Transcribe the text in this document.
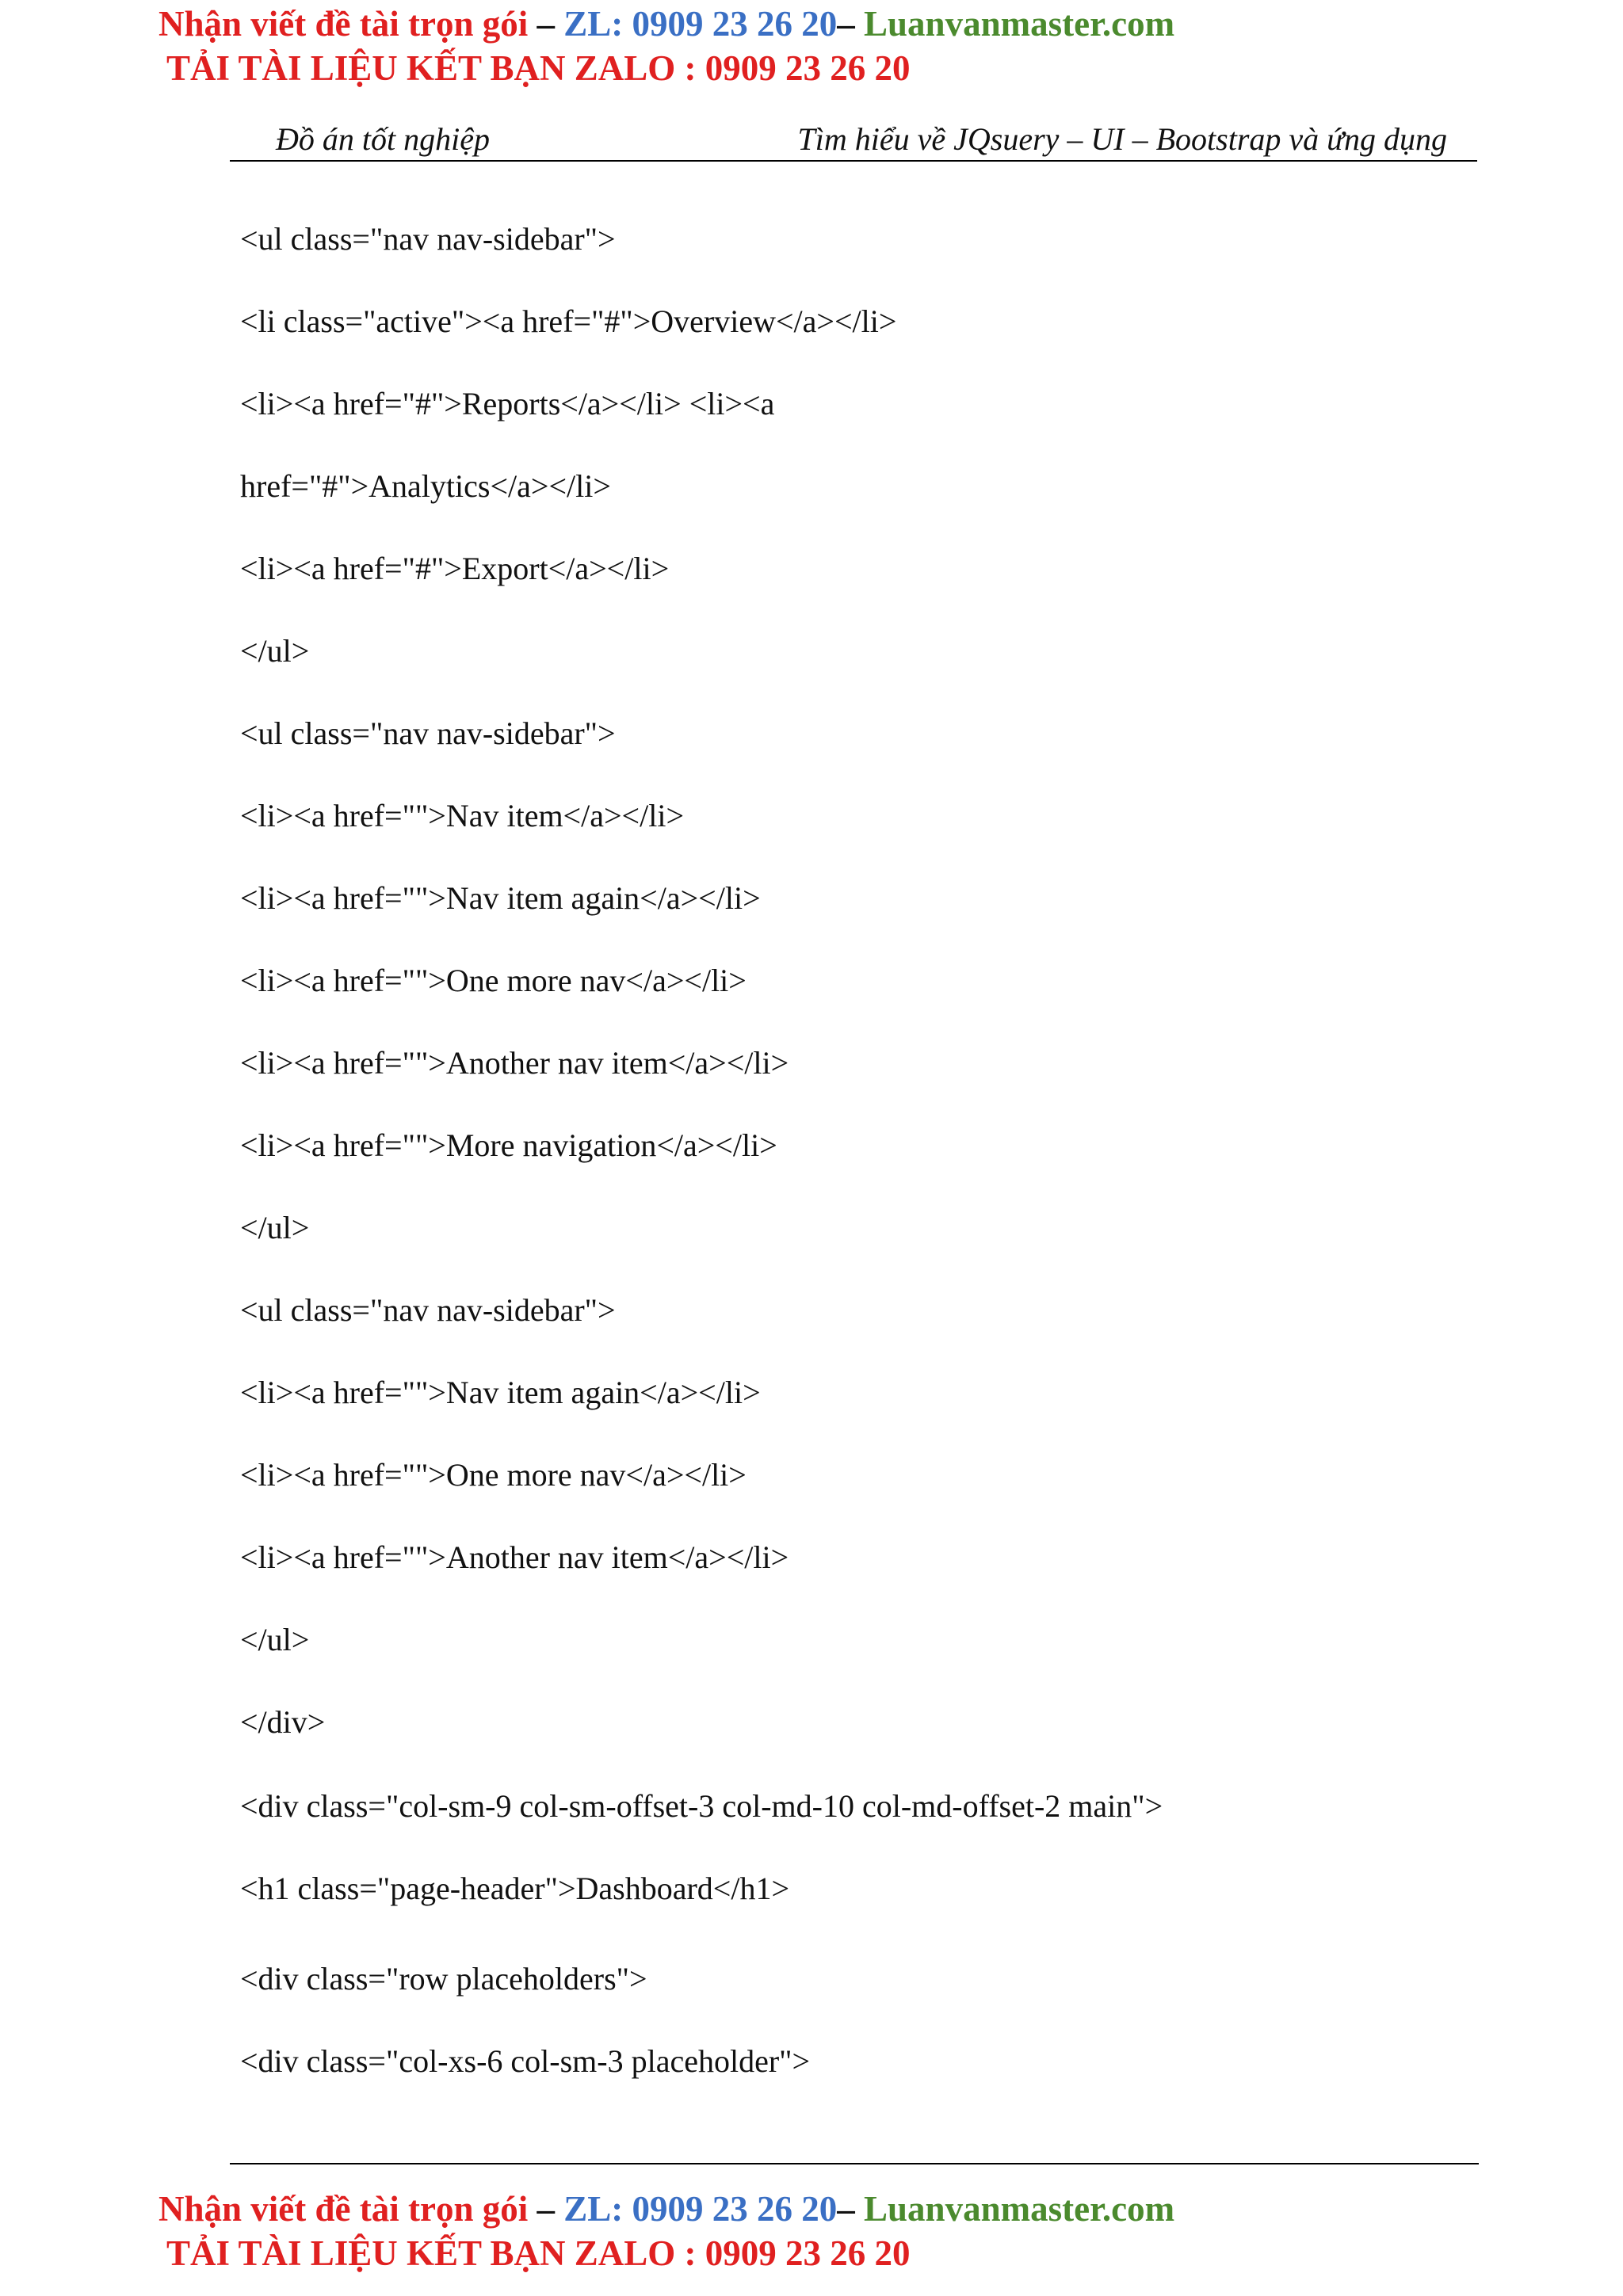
Nhận viết đề tài trọn gói – ZL: 0909 23 26 20– Luanvanmaster.com
TẢI TÀI LIỆU KẾT BẠN ZALO : 0909 23 26 20
Đồ án tốt nghiệp	Tìm hiểu về JQsuery – UI – Bootstrap và ứng dụng
<ul class="nav nav-sidebar">
<li class="active"><a href="#">Overview</a></li>
<li><a href="#">Reports</a></li> <li><a
href="#">Analytics</a></li>
<li><a href="#">Export</a></li>
</ul>
<ul class="nav nav-sidebar">
<li><a href="">Nav item</a></li>
<li><a href="">Nav item again</a></li>
<li><a href="">One more nav</a></li>
<li><a href="">Another nav item</a></li>
<li><a href="">More navigation</a></li>
</ul>
<ul class="nav nav-sidebar">
<li><a href="">Nav item again</a></li>
<li><a href="">One more nav</a></li>
<li><a href="">Another nav item</a></li>
</ul>
</div>
<div class="col-sm-9 col-sm-offset-3 col-md-10 col-md-offset-2 main">
<h1 class="page-header">Dashboard</h1>
<div class="row placeholders">
<div class="col-xs-6 col-sm-3 placeholder">
Nhận viết đề tài trọn gói – ZL: 0909 23 26 20– Luanvanmaster.com
TẢI TÀI LIỆU KẾT BẠN ZALO : 0909 23 26 20
